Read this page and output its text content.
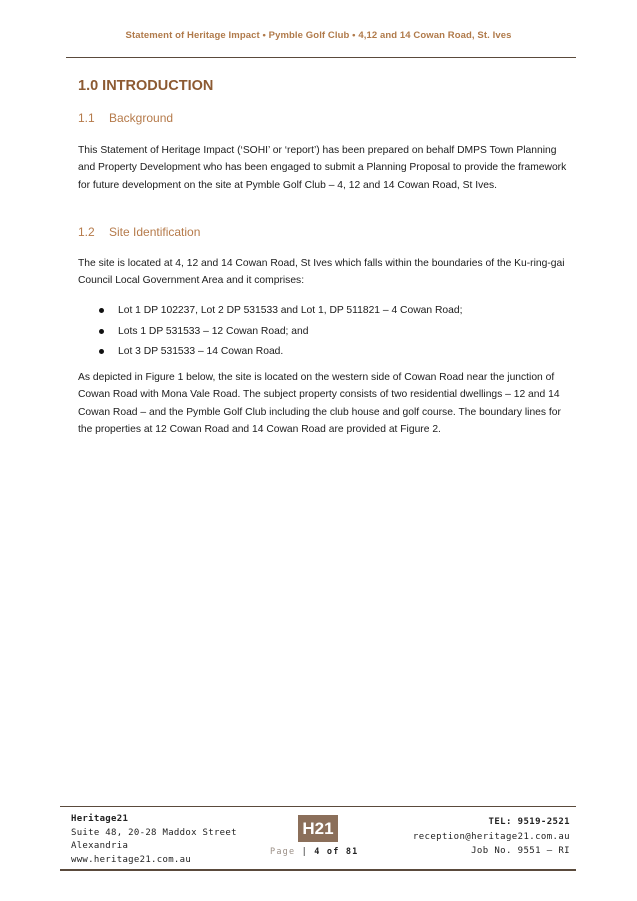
Statement of Heritage Impact • Pymble Golf Club • 4,12 and 14 Cowan Road, St. Ives
1.0 INTRODUCTION
1.1 Background
This Statement of Heritage Impact (‘SOHI’ or ‘report’) has been prepared on behalf DMPS Town Planning and Property Development who has been engaged to submit a Planning Proposal to provide the framework for future development on the site at Pymble Golf Club – 4, 12 and 14 Cowan Road, St Ives.
1.2 Site Identification
The site is located at 4, 12 and 14 Cowan Road, St Ives which falls within the boundaries of the Ku-ring-gai Council Local Government Area and it comprises:
Lot 1 DP 102237, Lot 2 DP 531533 and Lot 1, DP 511821 – 4 Cowan Road;
Lots 1 DP 531533 – 12 Cowan Road; and
Lot 3 DP 531533 – 14 Cowan Road.
As depicted in Figure 1 below, the site is located on the western side of Cowan Road near the junction of Cowan Road with Mona Vale Road. The subject property consists of two residential dwellings – 12 and 14 Cowan Road – and the Pymble Golf Club including the club house and golf course. The boundary lines for the properties at 12 Cowan Road and 14 Cowan Road are provided at Figure 2.
Heritage21
Suite 48, 20-28 Maddox Street
Alexandria
www.heritage21.com.au
H21
Page | 4 of 81
TEL: 9519-2521
reception@heritage21.com.au
Job No. 9551 – RI
